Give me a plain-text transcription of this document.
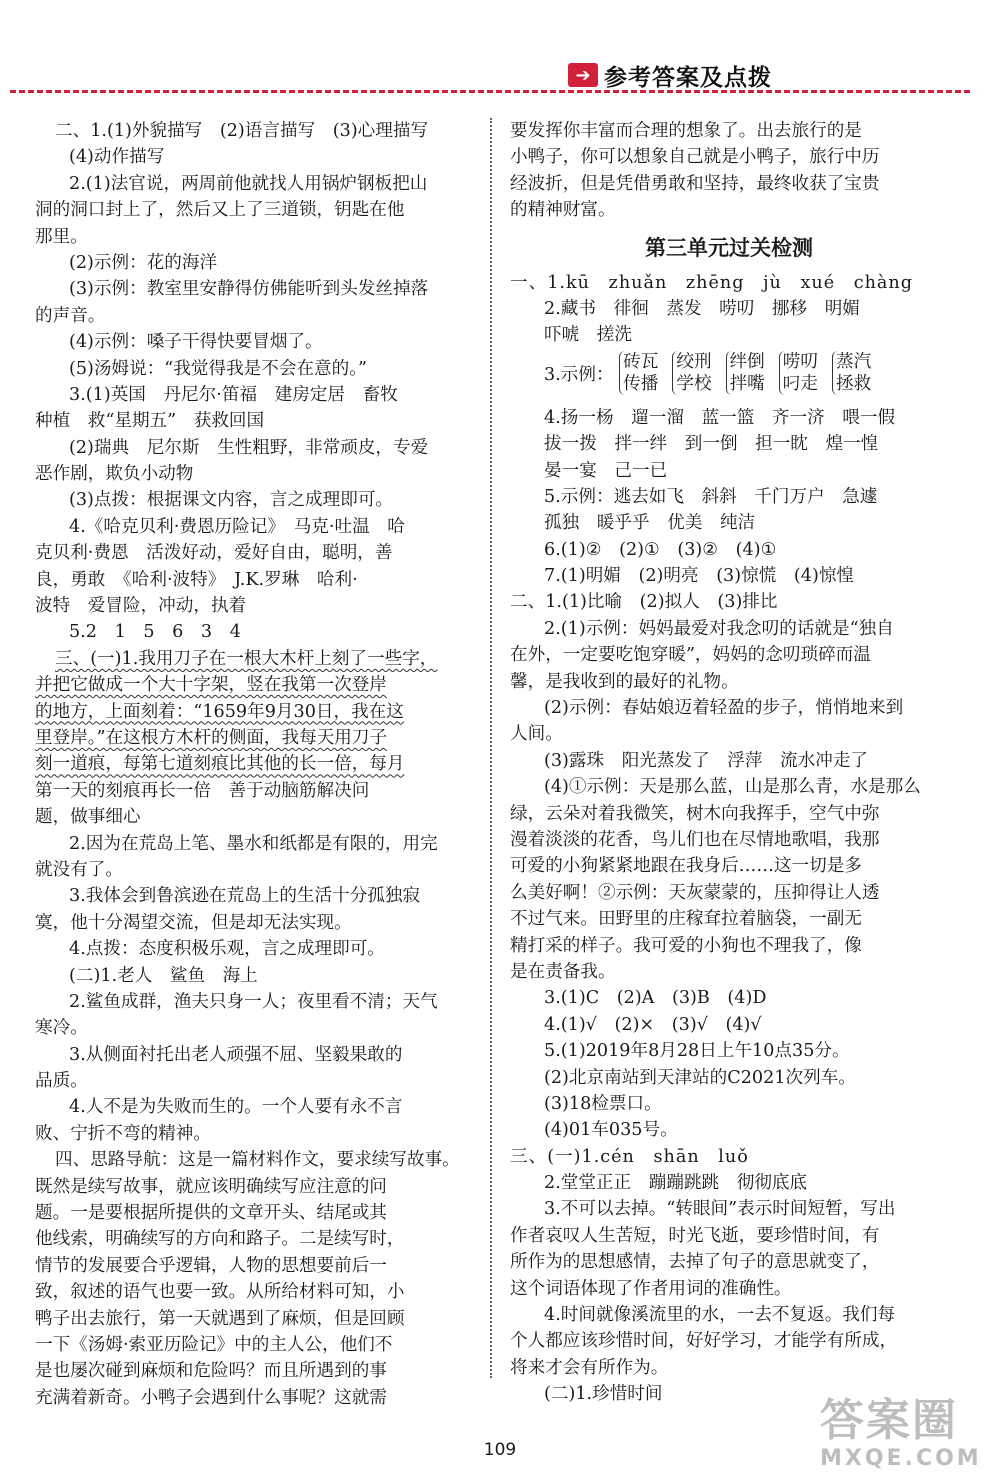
➔ 参考答案及点拨
二、1.(1)外貌描写　(2)语言描写　(3)心理描写
(4)动作描写
2.(1)法官说，两周前他就找人用锅炉钢板把山
洞的洞口封上了，然后又上了三道锁，钥匙在他
那里。
(2)示例：花的海洋
(3)示例：教室里安静得仿佛能听到头发丝掉落
的声音。
(4)示例：嗓子干得快要冒烟了。
(5)汤姆说：“我觉得我是不会在意的。”
3.(1)英国　丹尼尔·笛福　建房定居　畜牧
种植　救“星期五”　获救回国
(2)瑞典　尼尔斯　生性粗野，非常顽皮，专爱
恶作剧，欺负小动物
(3)点拨：根据课文内容，言之成理即可。
4.《哈克贝利·费恩历险记》　马克·吐温　哈
克贝利·费恩　活泼好动，爱好自由，聪明，善
良，勇敢　《哈利·波特》　J.K.罗琳　哈利·
波特　爱冒险，冲动，执着
5.2　1　5　6　3　4
三、(一)1.我用刀子在一根大木杆上刻了一些字，
并把它做成一个大十字架，竖在我第一次登岸
的地方，上面刻着：“1659年9月30日，我在这
里登岸。”在这根方木杆的侧面，我每天用刀子
刻一道痕，每第七道刻痕比其他的长一倍，每月
第一天的刻痕再长一倍　善于动脑筋解决问
题，做事细心
2.因为在荒岛上笔、墨水和纸都是有限的，用完
就没有了。
3.我体会到鲁滨逊在荒岛上的生活十分孤独寂
寞，他十分渴望交流，但是却无法实现。
4.点拨：态度积极乐观，言之成理即可。
(二)1.老人　鲨鱼　海上
2.鲨鱼成群，渔夫只身一人；夜里看不清；天气
寒冷。
3.从侧面衬托出老人顽强不屈、坚毅果敢的
品质。
4.人不是为失败而生的。一个人要有永不言
败、宁折不弯的精神。
四、思路导航：这是一篇材料作文，要求续写故事。
既然是续写故事，就应该明确续写应注意的问
题。一是要根据所提供的文章开头、结尾或其
他线索，明确续写的方向和路子。二是续写时，
情节的发展要合乎逻辑，人物的思想要前后一
致，叙述的语气也要一致。从所给材料可知，小
鸭子出去旅行，第一天就遇到了麻烦，但是回顾
一下《汤姆·索亚历险记》中的主人公，他们不
是也屡次碰到麻烦和危险吗？而且所遇到的事
充满着新奇。小鸭子会遇到什么事呢？这就需
要发挥你丰富而合理的想象了。出去旅行的是
小鸭子，你可以想象自己就是小鸭子，旅行中历
经波折，但是凭借勇敢和坚持，最终收获了宝贵
的精神财富。
第三单元过关检测
一、1.kū　zhuǎn　zhēng　jù　xué　chàng
2.藏书　徘徊　蒸发　唠叨　挪移　明媚
吓唬　搓洗
3.示例：
砖瓦
传播
绞刑
学校
绊倒
拌嘴
唠叨
叼走
蒸汽
拯救
4.扬一杨　遛一溜　蓝一篮　齐一济　喂一假
拔一拨　拌一绊　到一倒　担一眈　煌一惶
晏一宴　己一已
5.示例：逃去如飞　斜斜　千门万户　急遽
孤独　暖乎乎　优美　纯洁
6.(1)②　(2)①　(3)②　(4)①
7.(1)明媚　(2)明亮　(3)惊慌　(4)惊惶
二、1.(1)比喻　(2)拟人　(3)排比
2.(1)示例：妈妈最爱对我念叨的话就是“独自
在外，一定要吃饱穿暖”，妈妈的念叨琐碎而温
馨，是我收到的最好的礼物。
(2)示例：春姑娘迈着轻盈的步子，悄悄地来到
人间。
(3)露珠　阳光蒸发了　浮萍　流水冲走了
(4)①示例：天是那么蓝，山是那么青，水是那么
绿，云朵对着我微笑，树木向我挥手，空气中弥
漫着淡淡的花香，鸟儿们也在尽情地歌唱，我那
可爱的小狗紧紧地跟在我身后……这一切是多
么美好啊！②示例：天灰蒙蒙的，压抑得让人透
不过气来。田野里的庄稼耷拉着脑袋，一副无
精打采的样子。我可爱的小狗也不理我了，像
是在责备我。
3.(1)C　(2)A　(3)B　(4)D
4.(1)√　(2)×　(3)√　(4)√
5.(1)2019年8月28日上午10点35分。
(2)北京南站到天津站的C2021次列车。
(3)18检票口。
(4)01车035号。
三、(一)1.cén　shān　luǒ
2.堂堂正正　蹦蹦跳跳　彻彻底底
3.不可以去掉。“转眼间”表示时间短暂，写出
作者哀叹人生苦短，时光飞逝，要珍惜时间，有
所作为的思想感情，去掉了句子的意思就变了，
这个词语体现了作者用词的准确性。
4.时间就像溪流里的水，一去不复返。我们每
个人都应该珍惜时间，好好学习，才能学有所成，
将来才会有所作为。
(二)1.珍惜时间
109
答案圈
MXQE.COM
